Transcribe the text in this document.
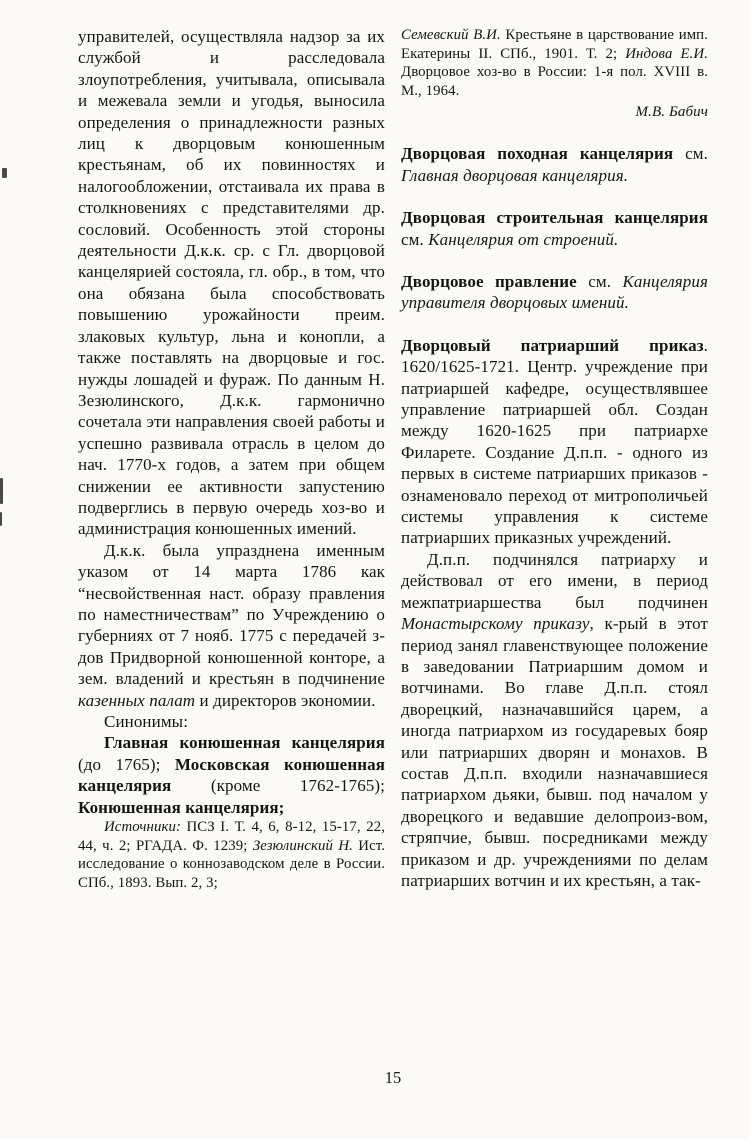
управителей, осуществляла надзор за их службой и расследовала злоупотребления, учитывала, описывала и межевала земли и угодья, выносила определения о принадлежности разных лиц к дворцовым конюшенным крестьянам, об их повинностях и налогообложении, отстаивала их права в столкновениях с представителями др. сословий. Особенность этой стороны деятельности Д.к.к. ср. с Гл. дворцовой канцелярией состояла, гл. обр., в том, что она обязана была способствовать повышению урожайности преим. злаковых культур, льна и конопли, а также поставлять на дворцовые и гос. нужды лошадей и фураж. По данным Н. Зезюлинского, Д.к.к. гармонично сочетала эти направления своей работы и успешно развивала отрасль в целом до нач. 1770-х годов, а затем при общем снижении ее активности запустению подверглись в первую очередь хоз-во и администрация конюшенных имений.

Д.к.к. была упразднена именным указом от 14 марта 1786 как “несвойственная наст. образу правления по наместничествам” по Учреждению о губерниях от 7 нояб. 1775 с передачей з-дов Придворной конюшенной конторе, а зем. владений и крестьян в подчинение казенных палат и директоров экономии.

Синонимы:

Главная конюшенная канцелярия (до 1765); Московская конюшенная канцелярия (кроме 1762-1765); Конюшенная канцелярия;

Источники: ПСЗ I. Т. 4, 6, 8-12, 15-17, 22, 44, ч. 2; РГАДА. Ф. 1239; Зезюлинский Н. Ист. исследование о коннозаводском деле в России. СПб., 1893. Вып. 2, 3;

Семевский В.И. Крестьяне в царствование имп. Екатерины II. СПб., 1901. Т. 2; Индова Е.И. Дворцовое хоз-во в России: 1-я пол. XVIII в. М., 1964.

М.В. Бабич

Дворцовая походная канцелярия см. Главная дворцовая канцелярия.

Дворцовая строительная канцелярия см. Канцелярия от строений.

Дворцовое правление см. Канцелярия управителя дворцовых имений.

Дворцовый патриарший приказ. 1620/1625-1721. Центр. учреждение при патриаршей кафедре, осуществлявшее управление патриаршей обл. Создан между 1620-1625 при патриархе Филарете. Создание Д.п.п. - одного из первых в системе патриарших приказов - ознаменовало переход от митрополичьей системы управления к системе патриарших приказных учреждений.

Д.п.п. подчинялся патриарху и действовал от его имени, в период межпатриаршества был подчинен Монастырскому приказу, к-рый в этот период занял главенствующее положение в заведовании Патриаршим домом и вотчинами. Во главе Д.п.п. стоял дворецкий, назначавшийся царем, а иногда патриархом из государевых бояр или патриарших дворян и монахов. В состав Д.п.п. входили назначавшиеся патриархом дьяки, бывш. под началом у дворецкого и ведавшие делопроиз-вом, стряпчие, бывш. посредниками между приказом и др. учреждениями по делам патриарших вотчин и их крестьян, а так-

15
